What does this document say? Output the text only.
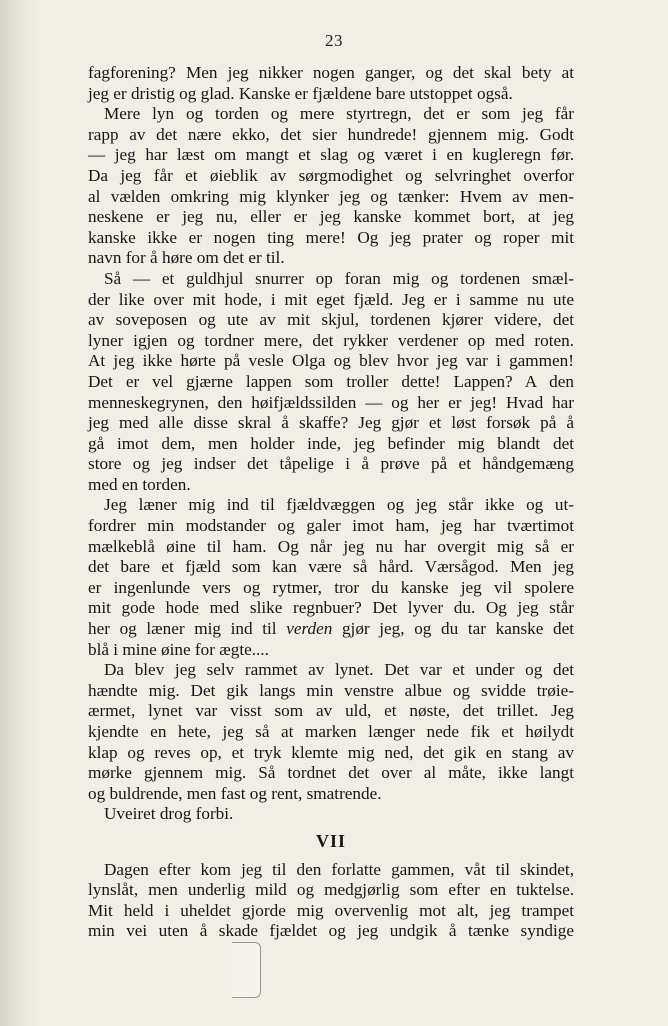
23
fagforening? Men jeg nikker nogen ganger, og det skal bety at
jeg er dristig og glad. Kanske er fjældene bare utstoppet også.
Mere lyn og torden og mere styrtregn, det er som jeg får
rapp av det nære ekko, det sier hundrede! gjennem mig. Godt
— jeg har læst om mangt et slag og været i en kugleregn før.
Da jeg får et øieblik av sørgmodighet og selvringhet overfor
al vælden omkring mig klynker jeg og tænker: Hvem av men-
neskene er jeg nu, eller er jeg kanske kommet bort, at jeg
kanske ikke er nogen ting mere! Og jeg prater og roper mit
navn for å høre om det er til.
Så — et guldhjul snurrer op foran mig og tordenen smæl-
der like over mit hode, i mit eget fjæld. Jeg er i samme nu ute
av soveposen og ute av mit skjul, tordenen kjører videre, det
lyner igjen og tordner mere, det rykker verdener op med roten.
At jeg ikke hørte på vesle Olga og blev hvor jeg var i gammen!
Det er vel gjærne lappen som troller dette! Lappen? A den
menneskegrynen, den høifjældssilden — og her er jeg! Hvad har
jeg med alle disse skral å skaffe? Jeg gjør et løst forsøk på å
gå imot dem, men holder inde, jeg befinder mig blandt det
store og jeg indser det tåpelige i å prøve på et håndgemæng
med en torden.
Jeg læner mig ind til fjældvæggen og jeg står ikke og ut-
fordrer min modstander og galer imot ham, jeg har tværtimot
mælkeblå øine til ham. Og når jeg nu har overgit mig så er
det bare et fjæld som kan være så hård. Værsågod. Men jeg
er ingenlunde vers og rytmer, tror du kanske jeg vil spolere
mit gode hode med slike regnbuer? Det lyver du. Og jeg står
her og læner mig ind til verden gjør jeg, og du tar kanske det
blå i mine øine for ægte....
Da blev jeg selv rammet av lynet. Det var et under og det
hændte mig. Det gik langs min venstre albue og svidde trøie-
ærmet, lynet var visst som av uld, et nøste, det trillet. Jeg
kjendte en hete, jeg så at marken længer nede fik et høilydt
klap og reves op, et tryk klemte mig ned, det gik en stang av
mørke gjennem mig. Så tordnet det over al måte, ikke langt
og buldrende, men fast og rent, smatrende.
Uveiret drog forbi.
VII
Dagen efter kom jeg til den forlatte gammen, våt til skindet,
lynslåt, men underlig mild og medgjørlig som efter en tuktelse.
Mit held i uheldet gjorde mig overvenlig mot alt, jeg trampet
min vei uten å skade fjældet og jeg undgik å tænke syndige
